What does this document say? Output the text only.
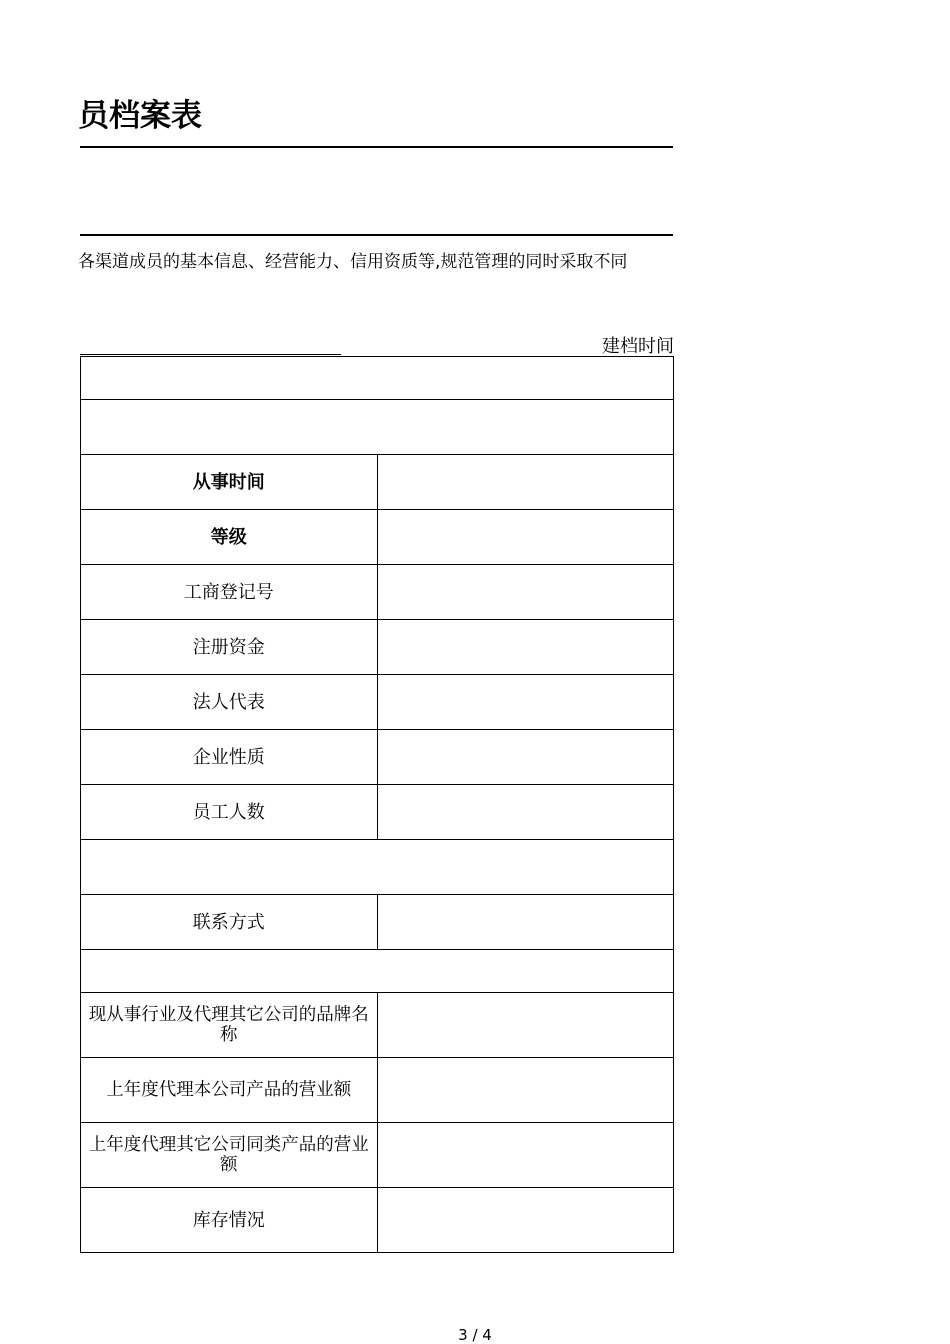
员档案表
各渠道成员的基本信息、经营能力、信用资质等,规范管理的同时采取不同
建档时间

从事时间	
等级	
工商登记号	
注册资金	
法人代表	
企业性质	
员工人数	

联系方式	

现从事行业及代理其它公司的品牌名称	
上年度代理本公司产品的营业额	
上年度代理其它公司同类产品的营业额	
库存情况	
3 / 4
